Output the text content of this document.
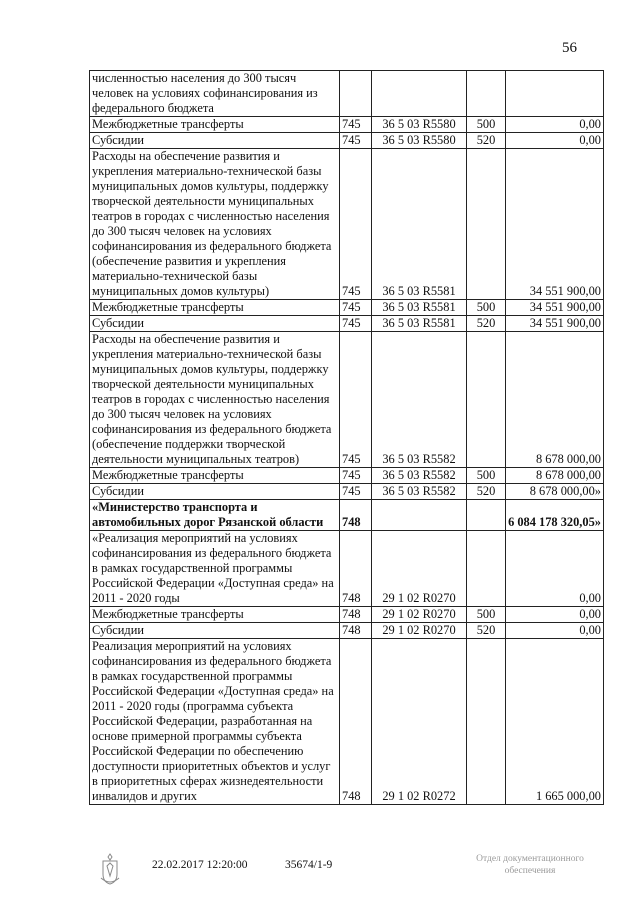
56
численностью населения до 300 тысяч человек на условиях софинансирования из федерального бюджета				
Межбюджетные трансферты	745	36 5 03 R5580	500	0,00
Субсидии	745	36 5 03 R5580	520	0,00
Расходы на обеспечение развития и укрепления материально-технической базы муниципальных домов культуры, поддержку творческой деятельности муниципальных театров в городах с численностью населения до 300 тысяч человек на условиях софинансирования из федерального бюджета (обеспечение развития и укрепления материально-технической базы муниципальных домов культуры)	745	36 5 03 R5581		34 551 900,00
Межбюджетные трансферты	745	36 5 03 R5581	500	34 551 900,00
Субсидии	745	36 5 03 R5581	520	34 551 900,00
Расходы на обеспечение развития и укрепления материально-технической базы муниципальных домов культуры, поддержку творческой деятельности муниципальных театров в городах с численностью населения до 300 тысяч человек на условиях софинансирования из федерального бюджета (обеспечение поддержки творческой деятельности муниципальных театров)	745	36 5 03 R5582		8 678 000,00
Межбюджетные трансферты	745	36 5 03 R5582	500	8 678 000,00
Субсидии	745	36 5 03 R5582	520	8 678 000,00»
«Министерство транспорта и автомобильных дорог Рязанской области	748			6 084 178 320,05»
«Реализация мероприятий на условиях софинансирования из федерального бюджета в рамках государственной программы Российской Федерации «Доступная среда» на 2011 - 2020 годы	748	29 1 02 R0270		0,00
Межбюджетные трансферты	748	29 1 02 R0270	500	0,00
Субсидии	748	29 1 02 R0270	520	0,00
Реализация мероприятий на условиях софинансирования из федерального бюджета в рамках государственной программы Российской Федерации «Доступная среда» на 2011 - 2020 годы (программа субъекта Российской Федерации, разработанная на основе примерной программы субъекта Российской Федерации по обеспечению доступности приоритетных объектов и услуг в приоритетных сферах жизнедеятельности инвалидов и других	748	29 1 02 R0272		1 665 000,00
22.02.2017 12:20:00	35674/1-9	Отдел документационного обеспечения
